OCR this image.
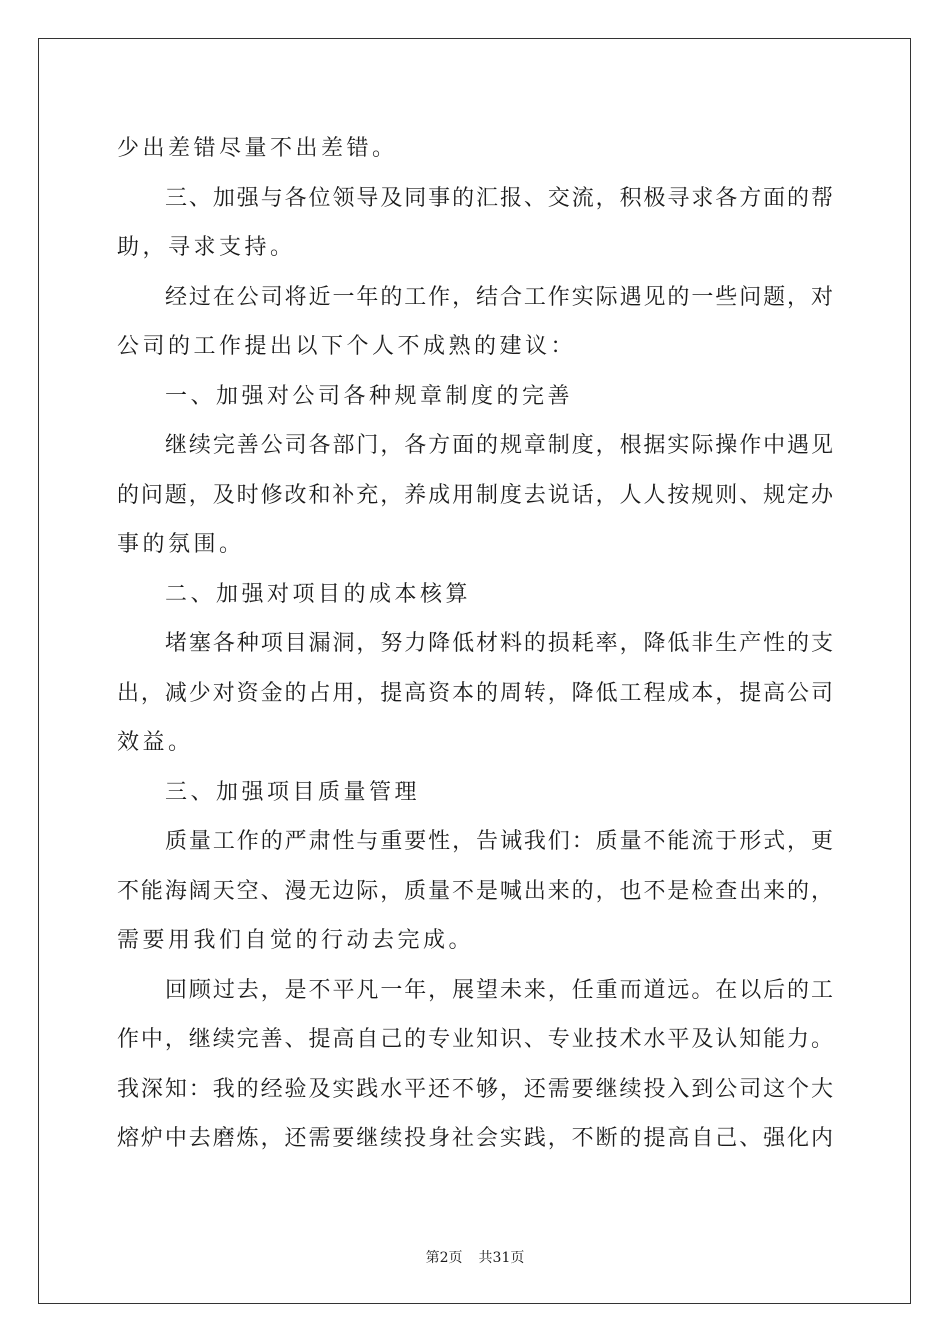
少出差错尽量不出差错。
三、加强与各位领导及同事的汇报、交流，积极寻求各方面的帮
助，寻求支持。
经过在公司将近一年的工作，结合工作实际遇见的一些问题，对
公司的工作提出以下个人不成熟的建议：
一、加强对公司各种规章制度的完善
继续完善公司各部门，各方面的规章制度，根据实际操作中遇见
的问题，及时修改和补充，养成用制度去说话，人人按规则、规定办
事的氛围。
二、加强对项目的成本核算
堵塞各种项目漏洞，努力降低材料的损耗率，降低非生产性的支
出，减少对资金的占用，提高资本的周转，降低工程成本，提高公司
效益。
三、加强项目质量管理
质量工作的严肃性与重要性，告诫我们：质量不能流于形式，更
不能海阔天空、漫无边际，质量不是喊出来的，也不是检查出来的，
需要用我们自觉的行动去完成。
回顾过去，是不平凡一年，展望未来，任重而道远。在以后的工
作中，继续完善、提高自己的专业知识、专业技术水平及认知能力。
我深知：我的经验及实践水平还不够，还需要继续投入到公司这个大
熔炉中去磨炼，还需要继续投身社会实践，不断的提高自己、强化内
第2页 共31页
